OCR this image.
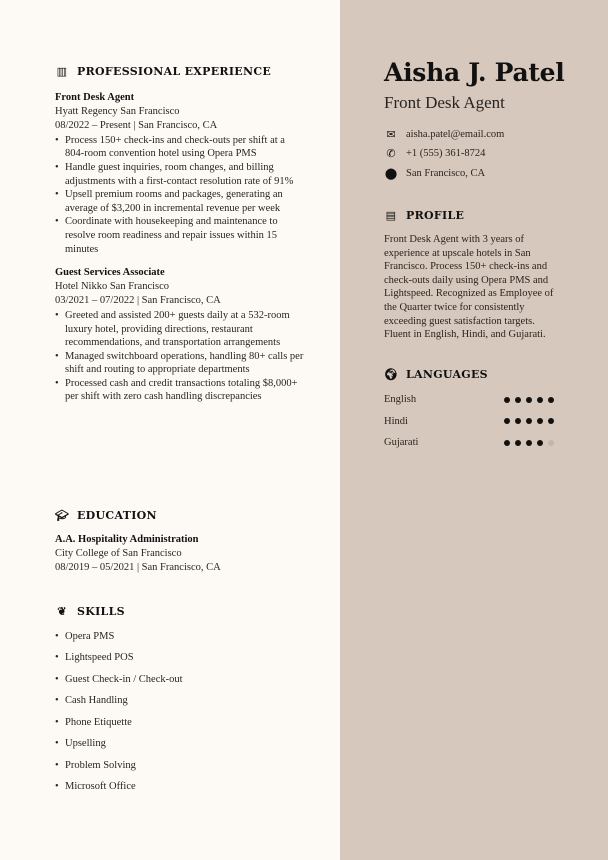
▥ PROFESSIONAL EXPERIENCE
Front Desk Agent
Hyatt Regency San Francisco
08/2022 – Present | San Francisco, CA
• Process 150+ check-ins and check-outs per shift at a 804-room convention hotel using Opera PMS
• Handle guest inquiries, room changes, and billing adjustments with a first-contact resolution rate of 91%
• Upsell premium rooms and packages, generating an average of $3,200 in incremental revenue per week
• Coordinate with housekeeping and maintenance to resolve room readiness and repair issues within 15 minutes
Guest Services Associate
Hotel Nikko San Francisco
03/2021 – 07/2022 | San Francisco, CA
• Greeted and assisted 200+ guests daily at a 532-room luxury hotel, providing directions, restaurant recommendations, and transportation arrangements
• Managed switchboard operations, handling 80+ calls per shift and routing to appropriate departments
• Processed cash and credit transactions totaling $8,000+ per shift with zero cash handling discrepancies
🎓︎ EDUCATION
A.A. Hospitality Administration
City College of San Francisco
08/2019 – 05/2021 | San Francisco, CA
❦ SKILLS
• Opera PMS
• Lightspeed POS
• Guest Check-in / Check-out
• Cash Handling
• Phone Etiquette
• Upselling
• Problem Solving
• Microsoft Office
Aisha J. Patel
Front Desk Agent
✉ aisha.patel@email.com
✆ +1 (555) 361-8724
⬤ San Francisco, CA
▤ PROFILE
Front Desk Agent with 3 years of experience at upscale hotels in San Francisco. Process 150+ check-ins and check-outs daily using Opera PMS and Lightspeed. Recognized as Employee of the Quarter twice for consistently exceeding guest satisfaction targets. Fluent in English, Hindi, and Gujarati.
🌍︎ LANGUAGES
English
Hindi
Gujarati
